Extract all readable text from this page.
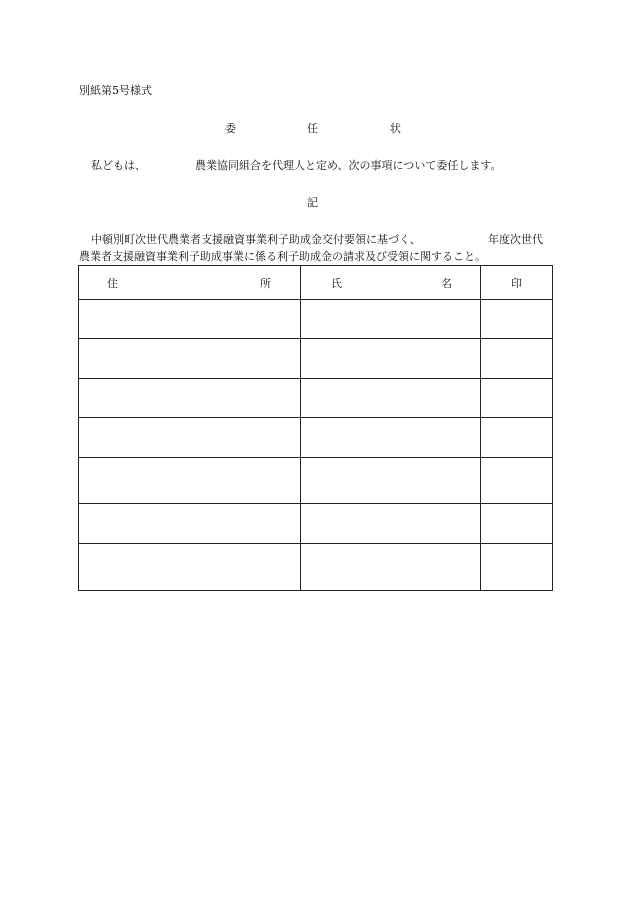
別紙第5号様式
委	任	状
私どもは、	農業協同組合を代理人と定め、次の事項について委任します。
記
中頓別町次世代農業者支援融資事業利子助成金交付要領に基づく、	年度次世代
農業者支援融資事業利子助成事業に係る利子助成金の請求及び受領に関すること。
住 所	氏 名	印
